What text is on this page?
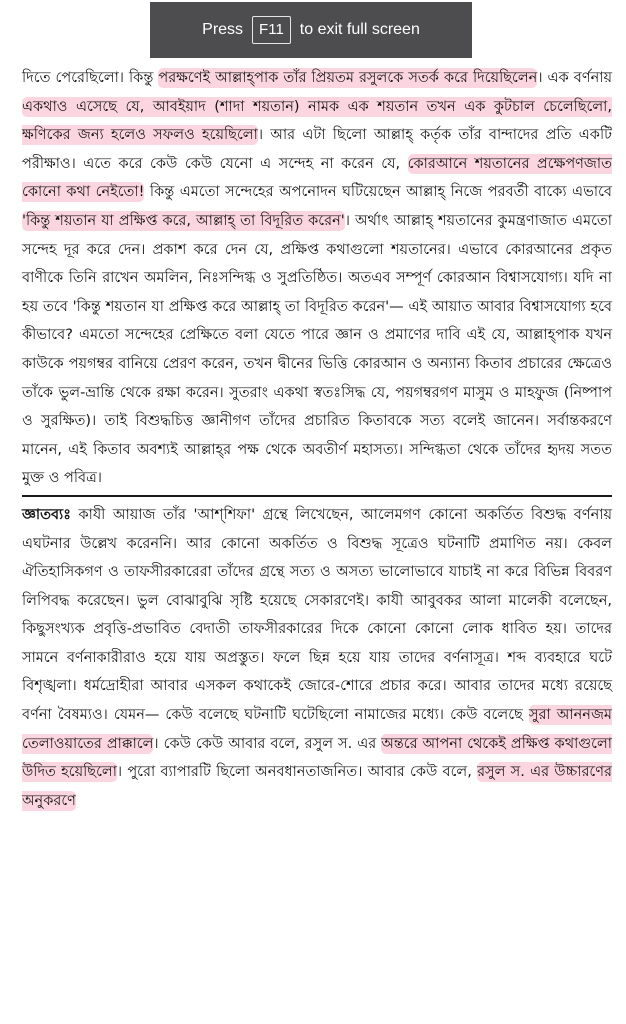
Press	F11	to exit full screen

দিতে পেরেছিলো। কিন্তু পরক্ষণেই আল্লাহ্‌পাক তাঁর প্রিয়তম রসুলকে সতর্ক করে দিয়েছিলেন। এক বর্ণনায় একথাও এসেছে যে, আবইয়াদ (শাদা শয়তান) নামক এক শয়তান তখন এক কুটচাল চেলেছিলো, ক্ষণিকের জন্য হলেও সফলও হয়েছিলো। আর এটা ছিলো আল্লাহ্‌ কর্তৃক তাঁর বান্দাদের প্রতি একটি পরীক্ষাও। এতে করে কেউ কেউ যেনো এ সন্দেহ না করেন যে, কোরআনে শয়তানের প্রক্ষেপণজাত কোনো কথা নেইতো! কিন্তু এমতো সন্দেহের অপনোদন ঘটিয়েছেন আল্লাহ্‌ নিজে পরবর্তী বাক্যে এভাবে 'কিন্তু শয়তান যা প্রক্ষিপ্ত করে, আল্লাহ্‌ তা বিদূরিত করেন'। অর্থাৎ আল্লাহ্‌ শয়তানের কুমন্ত্রণাজাত এমতো সন্দেহ দূর করে দেন। প্রকাশ করে দেন যে, প্রক্ষিপ্ত কথাগুলো শয়তানের। এভাবে কোরআনের প্রকৃত বাণীকে তিনি রাখেন অমলিন, নিঃসন্দিগ্ধ ও সুপ্রতিষ্ঠিত। অতএব সম্পূর্ণ কোরআন বিশ্বাসযোগ্য। যদি না হয় তবে 'কিন্তু শয়তান যা প্রক্ষিপ্ত করে আল্লাহ্‌ তা বিদূরিত করেন'— এই আয়াত আবার বিশ্বাসযোগ্য হবে কীভাবে? এমতো সন্দেহের প্রেক্ষিতে বলা যেতে পারে জ্ঞান ও প্রমাণের দাবি এই যে, আল্লাহ্‌পাক যখন কাউকে পয়গম্বর বানিয়ে প্রেরণ করেন, তখন দ্বীনের ভিত্তি কোরআন ও অন্যান্য কিতাব প্রচারের ক্ষেত্রেও তাঁকে ভুল-ভ্রান্তি থেকে রক্ষা করেন। সুতরাং একথা স্বতঃসিদ্ধ যে, পয়গম্বরগণ মাসুম ও মাহফুজ (নিষ্পাপ ও সুরক্ষিত)। তাই বিশুদ্ধচিত্ত জ্ঞানীগণ তাঁদের প্রচারিত কিতাবকে সত্য বলেই জানেন। সর্বান্তকরণে মানেন, এই কিতাব অবশ্যই আল্লাহ্‌র পক্ষ থেকে অবতীর্ণ মহাসত্য। সন্দিগ্ধতা থেকে তাঁদের হৃদয় সতত মুক্ত ও পবিত্র।

জ্ঞাতব্যঃ কাযী আয়াজ তাঁর 'আশ্‌শিফা' গ্রন্থে লিখেছেন, আলেমগণ কোনো অকর্তিত বিশুদ্ধ বর্ণনায় এঘটনার উল্লেখ করেননি। আর কোনো অকর্তিত ও বিশুদ্ধ সূত্রেও ঘটনাটি প্রমাণিত নয়। কেবল ঐতিহাসিকগণ ও তাফসীরকারেরা তাঁদের গ্রন্থে সত্য ও অসত্য ভালোভাবে যাচাই না করে বিভিন্ন বিবরণ লিপিবদ্ধ করেছেন। ভুল বোঝাবুঝি সৃষ্টি হয়েছে সেকারণেই। কাযী আবুবকর আলা মালেকী বলেছেন, কিছুসংখ্যক প্রবৃত্তি-প্রভাবিত বেদাতী তাফসীরকারের দিকে কোনো কোনো লোক ধাবিত হয়। তাদের সামনে বর্ণনাকারীরাও হয়ে যায় অপ্রস্তুত। ফলে ছিন্ন হয়ে যায় তাদের বর্ণনাসূত্র। শব্দ ব্যবহারে ঘটে বিশৃঙ্খলা। ধর্মদ্রোহীরা আবার এসকল কথাকেই জোরে-শোরে প্রচার করে। আবার তাদের মধ্যে রয়েছে বর্ণনা বৈষম্যও। যেমন— কেউ বলেছে ঘটনাটি ঘটেছিলো নামাজের মধ্যে। কেউ বলেছে সুরা আননজম তেলাওয়াতের প্রাক্কালে। কেউ কেউ আবার বলে, রসুল স. এর অন্তরে আপনা থেকেই প্রক্ষিপ্ত কথাগুলো উদিত হয়েছিলো। পুরো ব্যাপারটি ছিলো অনবধানতাজনিত। আবার কেউ বলে, রসুল স. এর উচ্চারণের অনুকরণে
